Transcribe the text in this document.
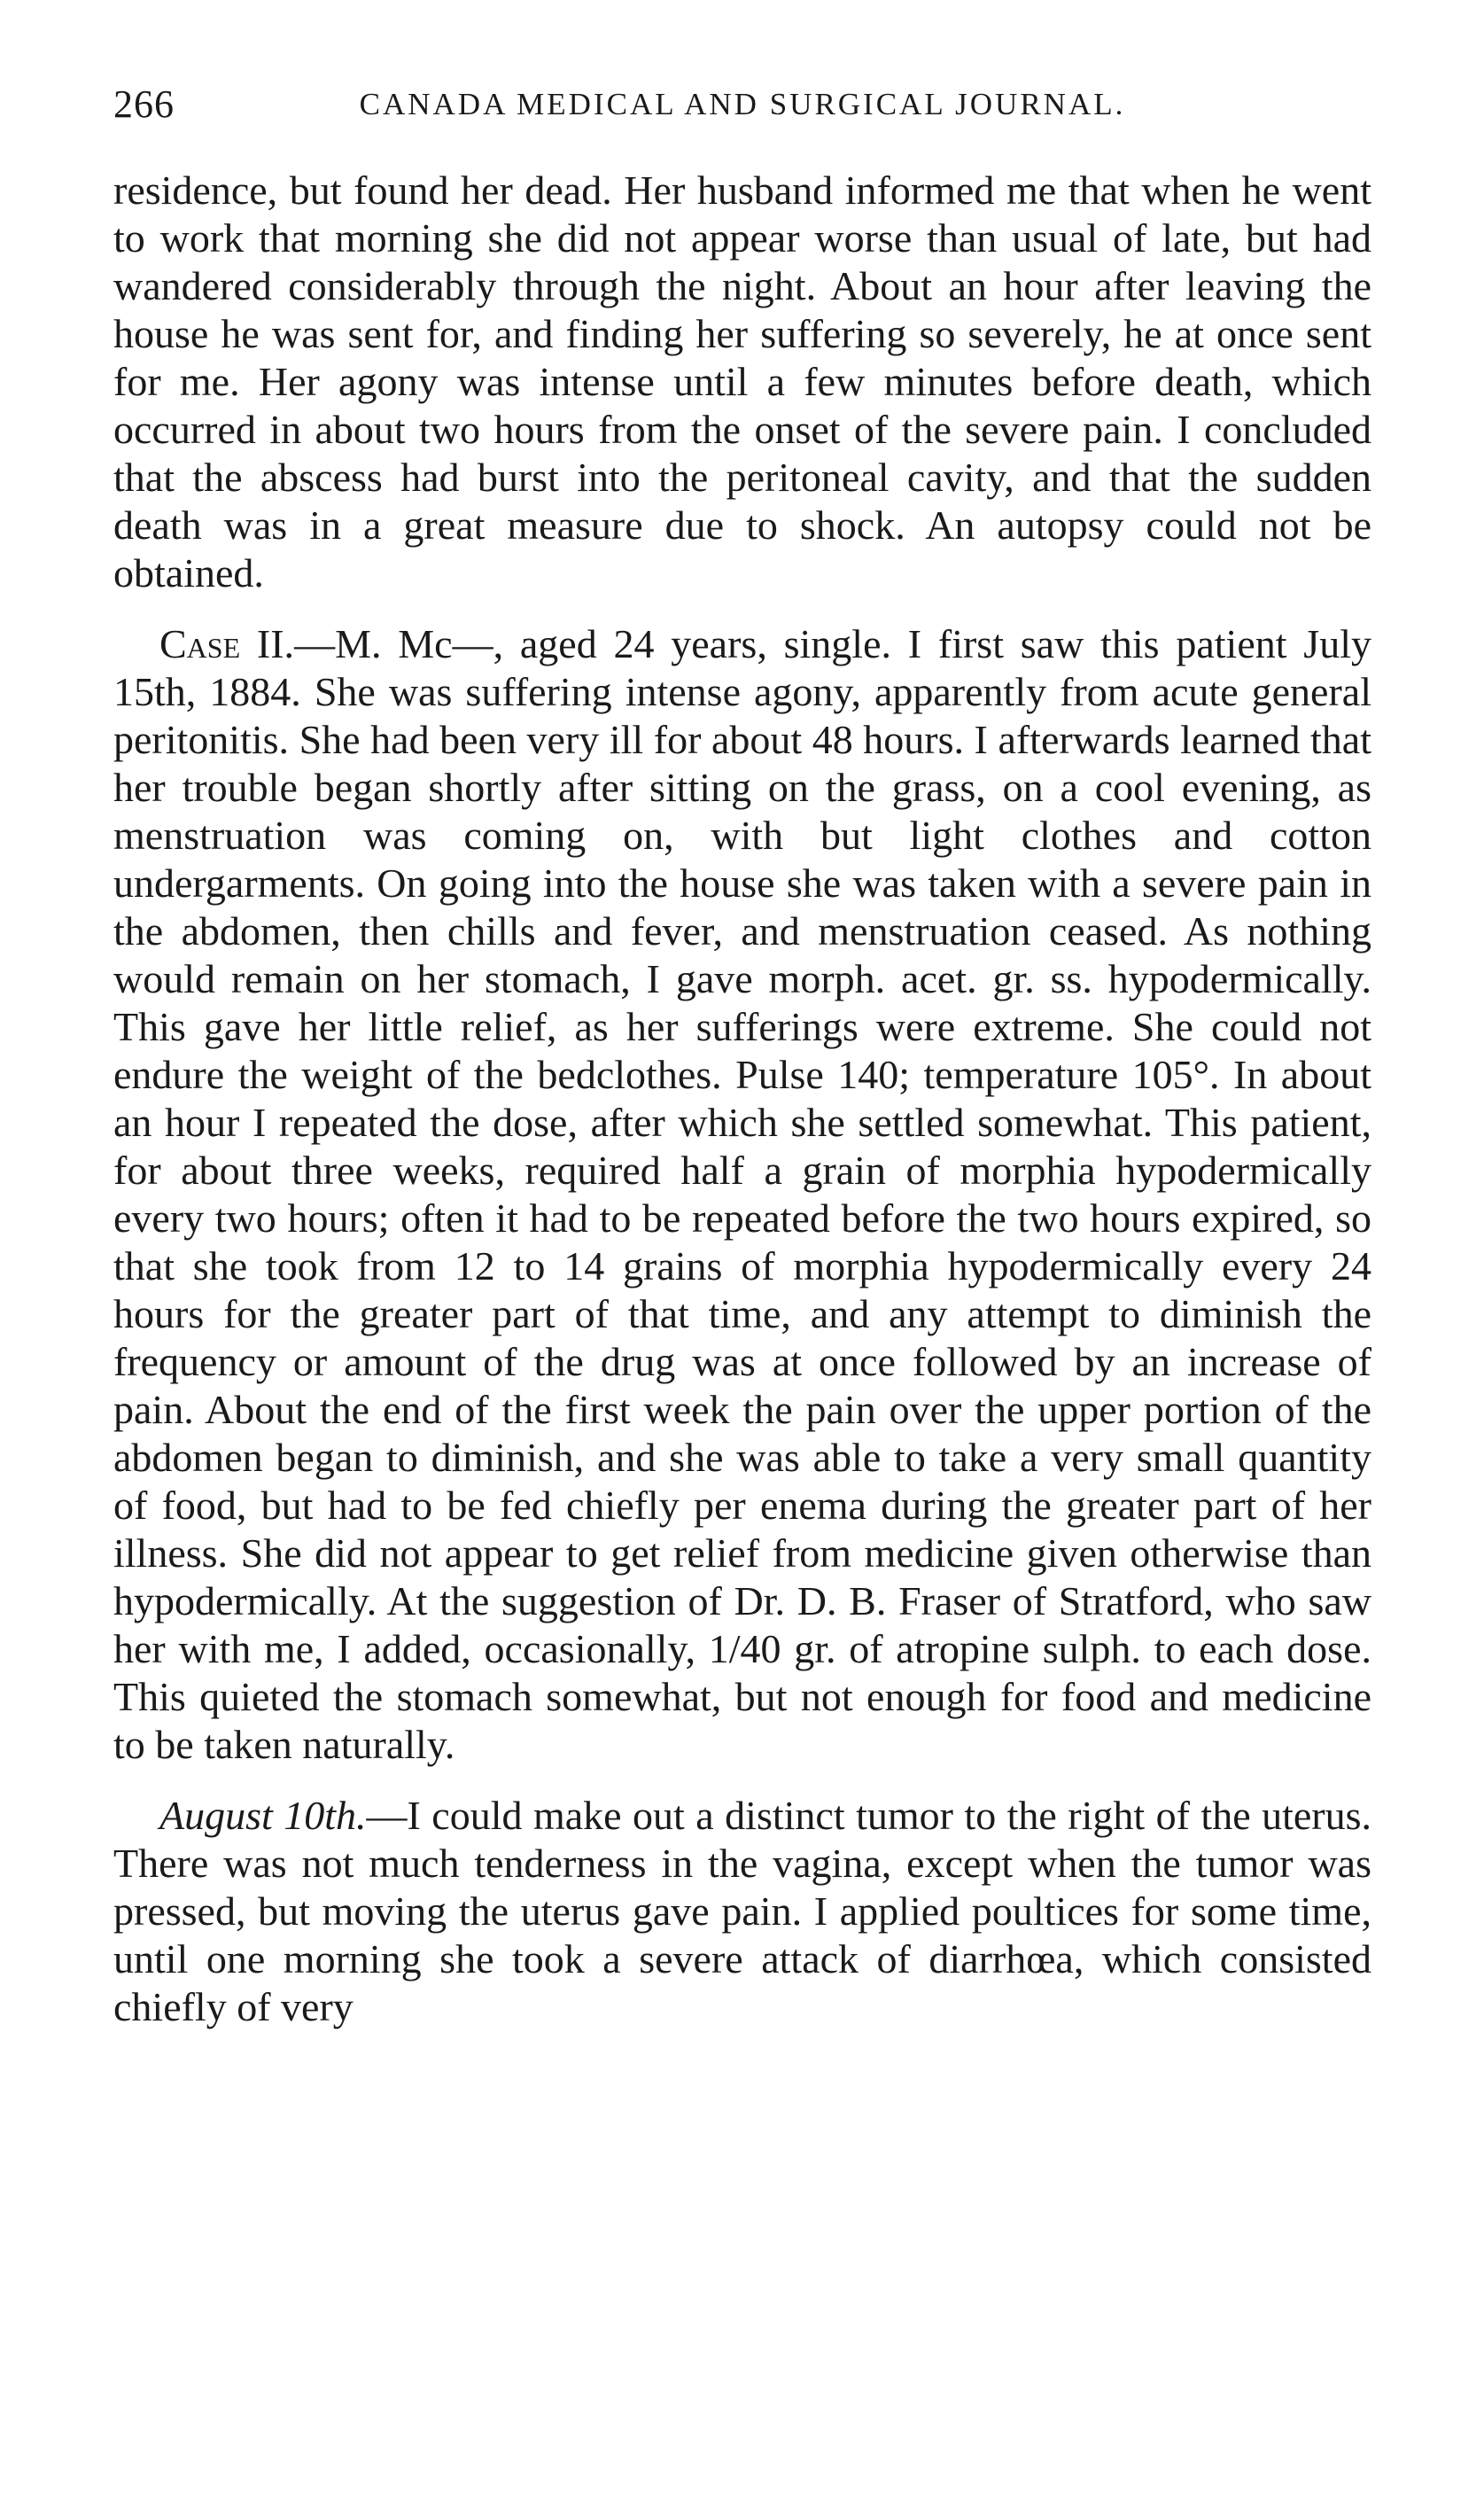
266	CANADA MEDICAL AND SURGICAL JOURNAL.

residence, but found her dead. Her husband informed me that when he went to work that morning she did not appear worse than usual of late, but had wandered considerably through the night. About an hour after leaving the house he was sent for, and finding her suffering so severely, he at once sent for me. Her agony was intense until a few minutes before death, which occurred in about two hours from the onset of the severe pain. I concluded that the abscess had burst into the peritoneal cavity, and that the sudden death was in a great measure due to shock. An autopsy could not be obtained.

Case II.—M. Mc—, aged 24 years, single. I first saw this patient July 15th, 1884. She was suffering intense agony, apparently from acute general peritonitis. She had been very ill for about 48 hours. I afterwards learned that her trouble began shortly after sitting on the grass, on a cool evening, as menstruation was coming on, with but light clothes and cotton undergarments. On going into the house she was taken with a severe pain in the abdomen, then chills and fever, and menstruation ceased. As nothing would remain on her stomach, I gave morph. acet. gr. ss. hypodermically. This gave her little relief, as her sufferings were extreme. She could not endure the weight of the bedclothes. Pulse 140; temperature 105°. In about an hour I repeated the dose, after which she settled somewhat. This patient, for about three weeks, required half a grain of morphia hypodermically every two hours; often it had to be repeated before the two hours expired, so that she took from 12 to 14 grains of morphia hypodermically every 24 hours for the greater part of that time, and any attempt to diminish the frequency or amount of the drug was at once followed by an increase of pain. About the end of the first week the pain over the upper portion of the abdomen began to diminish, and she was able to take a very small quantity of food, but had to be fed chiefly per enema during the greater part of her illness. She did not appear to get relief from medicine given otherwise than hypodermically. At the suggestion of Dr. D. B. Fraser of Stratford, who saw her with me, I added, occasionally, 1/40 gr. of atropine sulph. to each dose. This quieted the stomach somewhat, but not enough for food and medicine to be taken naturally.

August 10th.—I could make out a distinct tumor to the right of the uterus. There was not much tenderness in the vagina, except when the tumor was pressed, but moving the uterus gave pain. I applied poultices for some time, until one morning she took a severe attack of diarrhœa, which consisted chiefly of very
